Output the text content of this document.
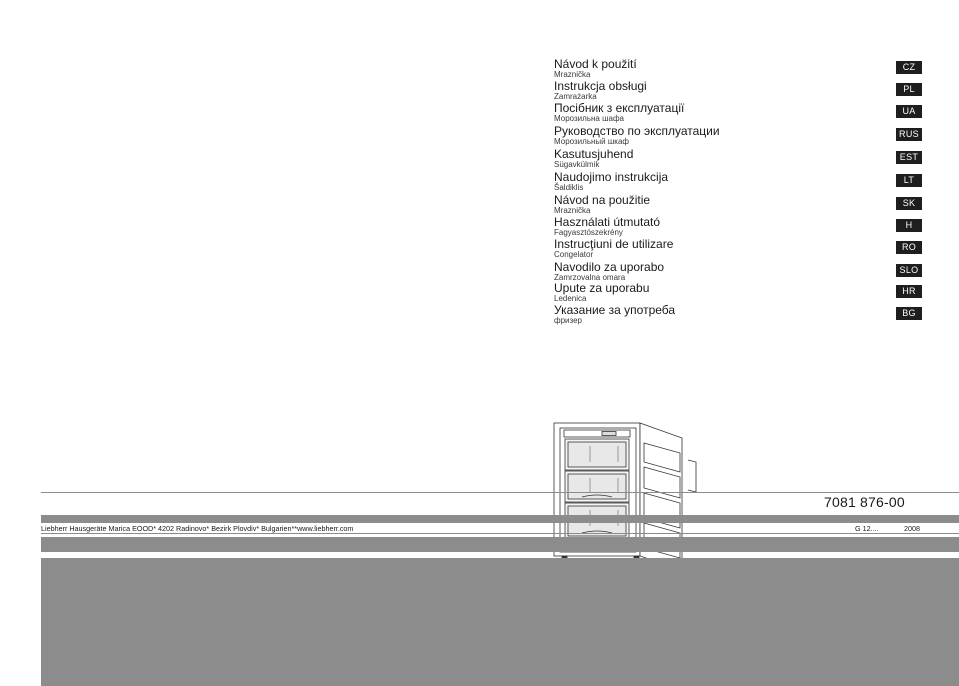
Návod k použití
Mraznička
CZ
Instrukcja obsługi
Zamrażarka
PL
Посібник з експлуатації
Морозильна шафа
UA
Руководство по эксплуатации
Морозильный шкаф
RUS
Kasutusjuhend
Sügavkülmik
EST
Naudojimo instrukcija
Šaldiklis
LT
Návod na použitie
Mraznička
SK
Használati útmutató
Fagyasztószekrény
H
Instrucţiuni de utilizare
Congelator
RO
Navodilo za uporabo
Zamrzovalna omara
SLO
Upute za uporabu
Ledenica
HR
Указание за употреба
фризер
BG
7081 876-00
Liebherr Hausgeräte Marica EOOD* 4202 Radinovo* Bezirk Plovdiv* Bulgarien**www.liebherr.com	G 12....	2008
